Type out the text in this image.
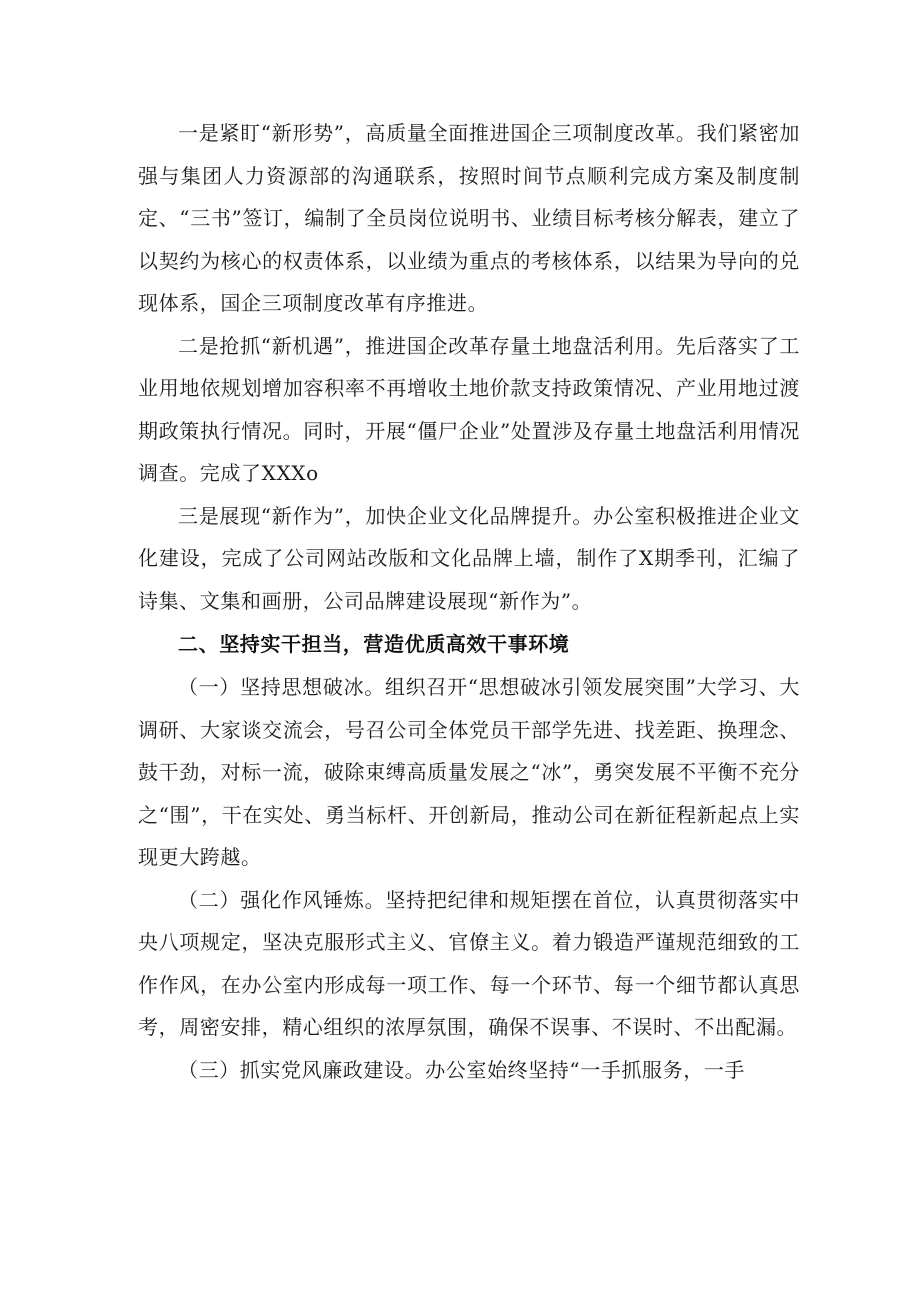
一是紧盯“新形势”，高质量全面推进国企三项制度改革。我们紧密加强与集团人力资源部的沟通联系，按照时间节点顺利完成方案及制度制定、“三书”签订，编制了全员岗位说明书、业绩目标考核分解表，建立了以契约为核心的权责体系，以业绩为重点的考核体系，以结果为导向的兑现体系，国企三项制度改革有序推进。

二是抢抓“新机遇”，推进国企改革存量土地盘活利用。先后落实了工业用地依规划增加容积率不再增收土地价款支持政策情况、产业用地过渡期政策执行情况。同时，开展“僵尸企业”处置涉及存量土地盘活利用情况调查。完成了XXXo

三是展现“新作为”，加快企业文化品牌提升。办公室积极推进企业文化建设，完成了公司网站改版和文化品牌上墙，制作了X期季刊，汇编了诗集、文集和画册，公司品牌建设展现“新作为”。

二、坚持实干担当，营造优质高效干事环境

（一）坚持思想破冰。组织召开“思想破冰引领发展突围”大学习、大调研、大家谈交流会，号召公司全体党员干部学先进、找差距、换理念、鼓干劲，对标一流，破除束缚高质量发展之“冰”，勇突发展不平衡不充分之“围”，干在实处、勇当标杆、开创新局，推动公司在新征程新起点上实现更大跨越。

（二）强化作风锤炼。坚持把纪律和规矩摆在首位，认真贯彻落实中央八项规定，坚决克服形式主义、官僚主义。着力锻造严谨规范细致的工作作风，在办公室内形成每一项工作、每一个环节、每一个细节都认真思考，周密安排，精心组织的浓厚氛围，确保不误事、不误时、不出配漏。

（三）抓实党风廉政建设。办公室始终坚持“一手抓服务，一手
